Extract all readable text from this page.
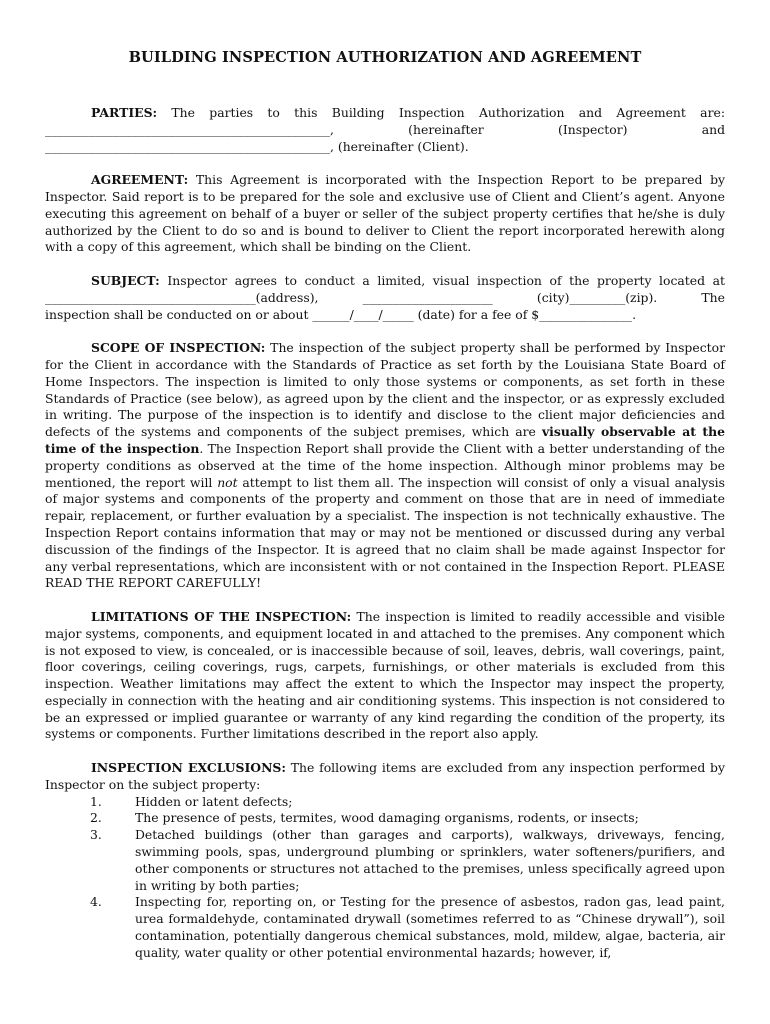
BUILDING INSPECTION AUTHORIZATION AND AGREEMENT
PARTIES: The parties to this Building Inspection Authorization and Agreement are:
______________________________________________, (hereinafter (Inspector) and
______________________________________________, (hereinafter (Client).
AGREEMENT: This Agreement is incorporated with the Inspection Report to be prepared by Inspector. Said report is to be prepared for the sole and exclusive use of Client and Client’s agent. Anyone executing this agreement on behalf of a buyer or seller of the subject property certifies that he/she is duly authorized by the Client to do so and is bound to deliver to Client the report incorporated herewith along with a copy of this agreement, which shall be binding on the Client.
SUBJECT: Inspector agrees to conduct a limited, visual inspection of the property located at
__________________________________(address), _____________________ (city)_________(zip). The
inspection shall be conducted on or about ______/____/_____ (date) for a fee of $_______________.
SCOPE OF INSPECTION: The inspection of the subject property shall be performed by Inspector for the Client in accordance with the Standards of Practice as set forth by the Louisiana State Board of Home Inspectors. The inspection is limited to only those systems or components, as set forth in these Standards of Practice (see below), as agreed upon by the client and the inspector, or as expressly excluded in writing. The purpose of the inspection is to identify and disclose to the client major deficiencies and defects of the systems and components of the subject premises, which are visually observable at the time of the inspection. The Inspection Report shall provide the Client with a better understanding of the property conditions as observed at the time of the home inspection. Although minor problems may be mentioned, the report will not attempt to list them all. The inspection will consist of only a visual analysis of major systems and components of the property and comment on those that are in need of immediate repair, replacement, or further evaluation by a specialist. The inspection is not technically exhaustive. The Inspection Report contains information that may or may not be mentioned or discussed during any verbal discussion of the findings of the Inspector. It is agreed that no claim shall be made against Inspector for any verbal representations, which are inconsistent with or not contained in the Inspection Report. PLEASE READ THE REPORT CAREFULLY!
LIMITATIONS OF THE INSPECTION: The inspection is limited to readily accessible and visible major systems, components, and equipment located in and attached to the premises. Any component which is not exposed to view, is concealed, or is inaccessible because of soil, leaves, debris, wall coverings, paint, floor coverings, ceiling coverings, rugs, carpets, furnishings, or other materials is excluded from this inspection. Weather limitations may affect the extent to which the Inspector may inspect the property, especially in connection with the heating and air conditioning systems. This inspection is not considered to be an expressed or implied guarantee or warranty of any kind regarding the condition of the property, its systems or components. Further limitations described in the report also apply.
INSPECTION EXCLUSIONS: The following items are excluded from any inspection performed by Inspector on the subject property:
1.	Hidden or latent defects;
2.	The presence of pests, termites, wood damaging organisms, rodents, or insects;
3.	Detached buildings (other than garages and carports), walkways, driveways, fencing, swimming pools, spas, underground plumbing or sprinklers, water softeners/purifiers, and other components or structures not attached to the premises, unless specifically agreed upon in writing by both parties;
4.	Inspecting for, reporting on, or Testing for the presence of asbestos, radon gas, lead paint, urea formaldehyde, contaminated drywall (sometimes referred to as “Chinese drywall”), soil contamination, potentially dangerous chemical substances, mold, mildew, algae, bacteria, air quality, water quality or other potential environmental hazards; however, if,
